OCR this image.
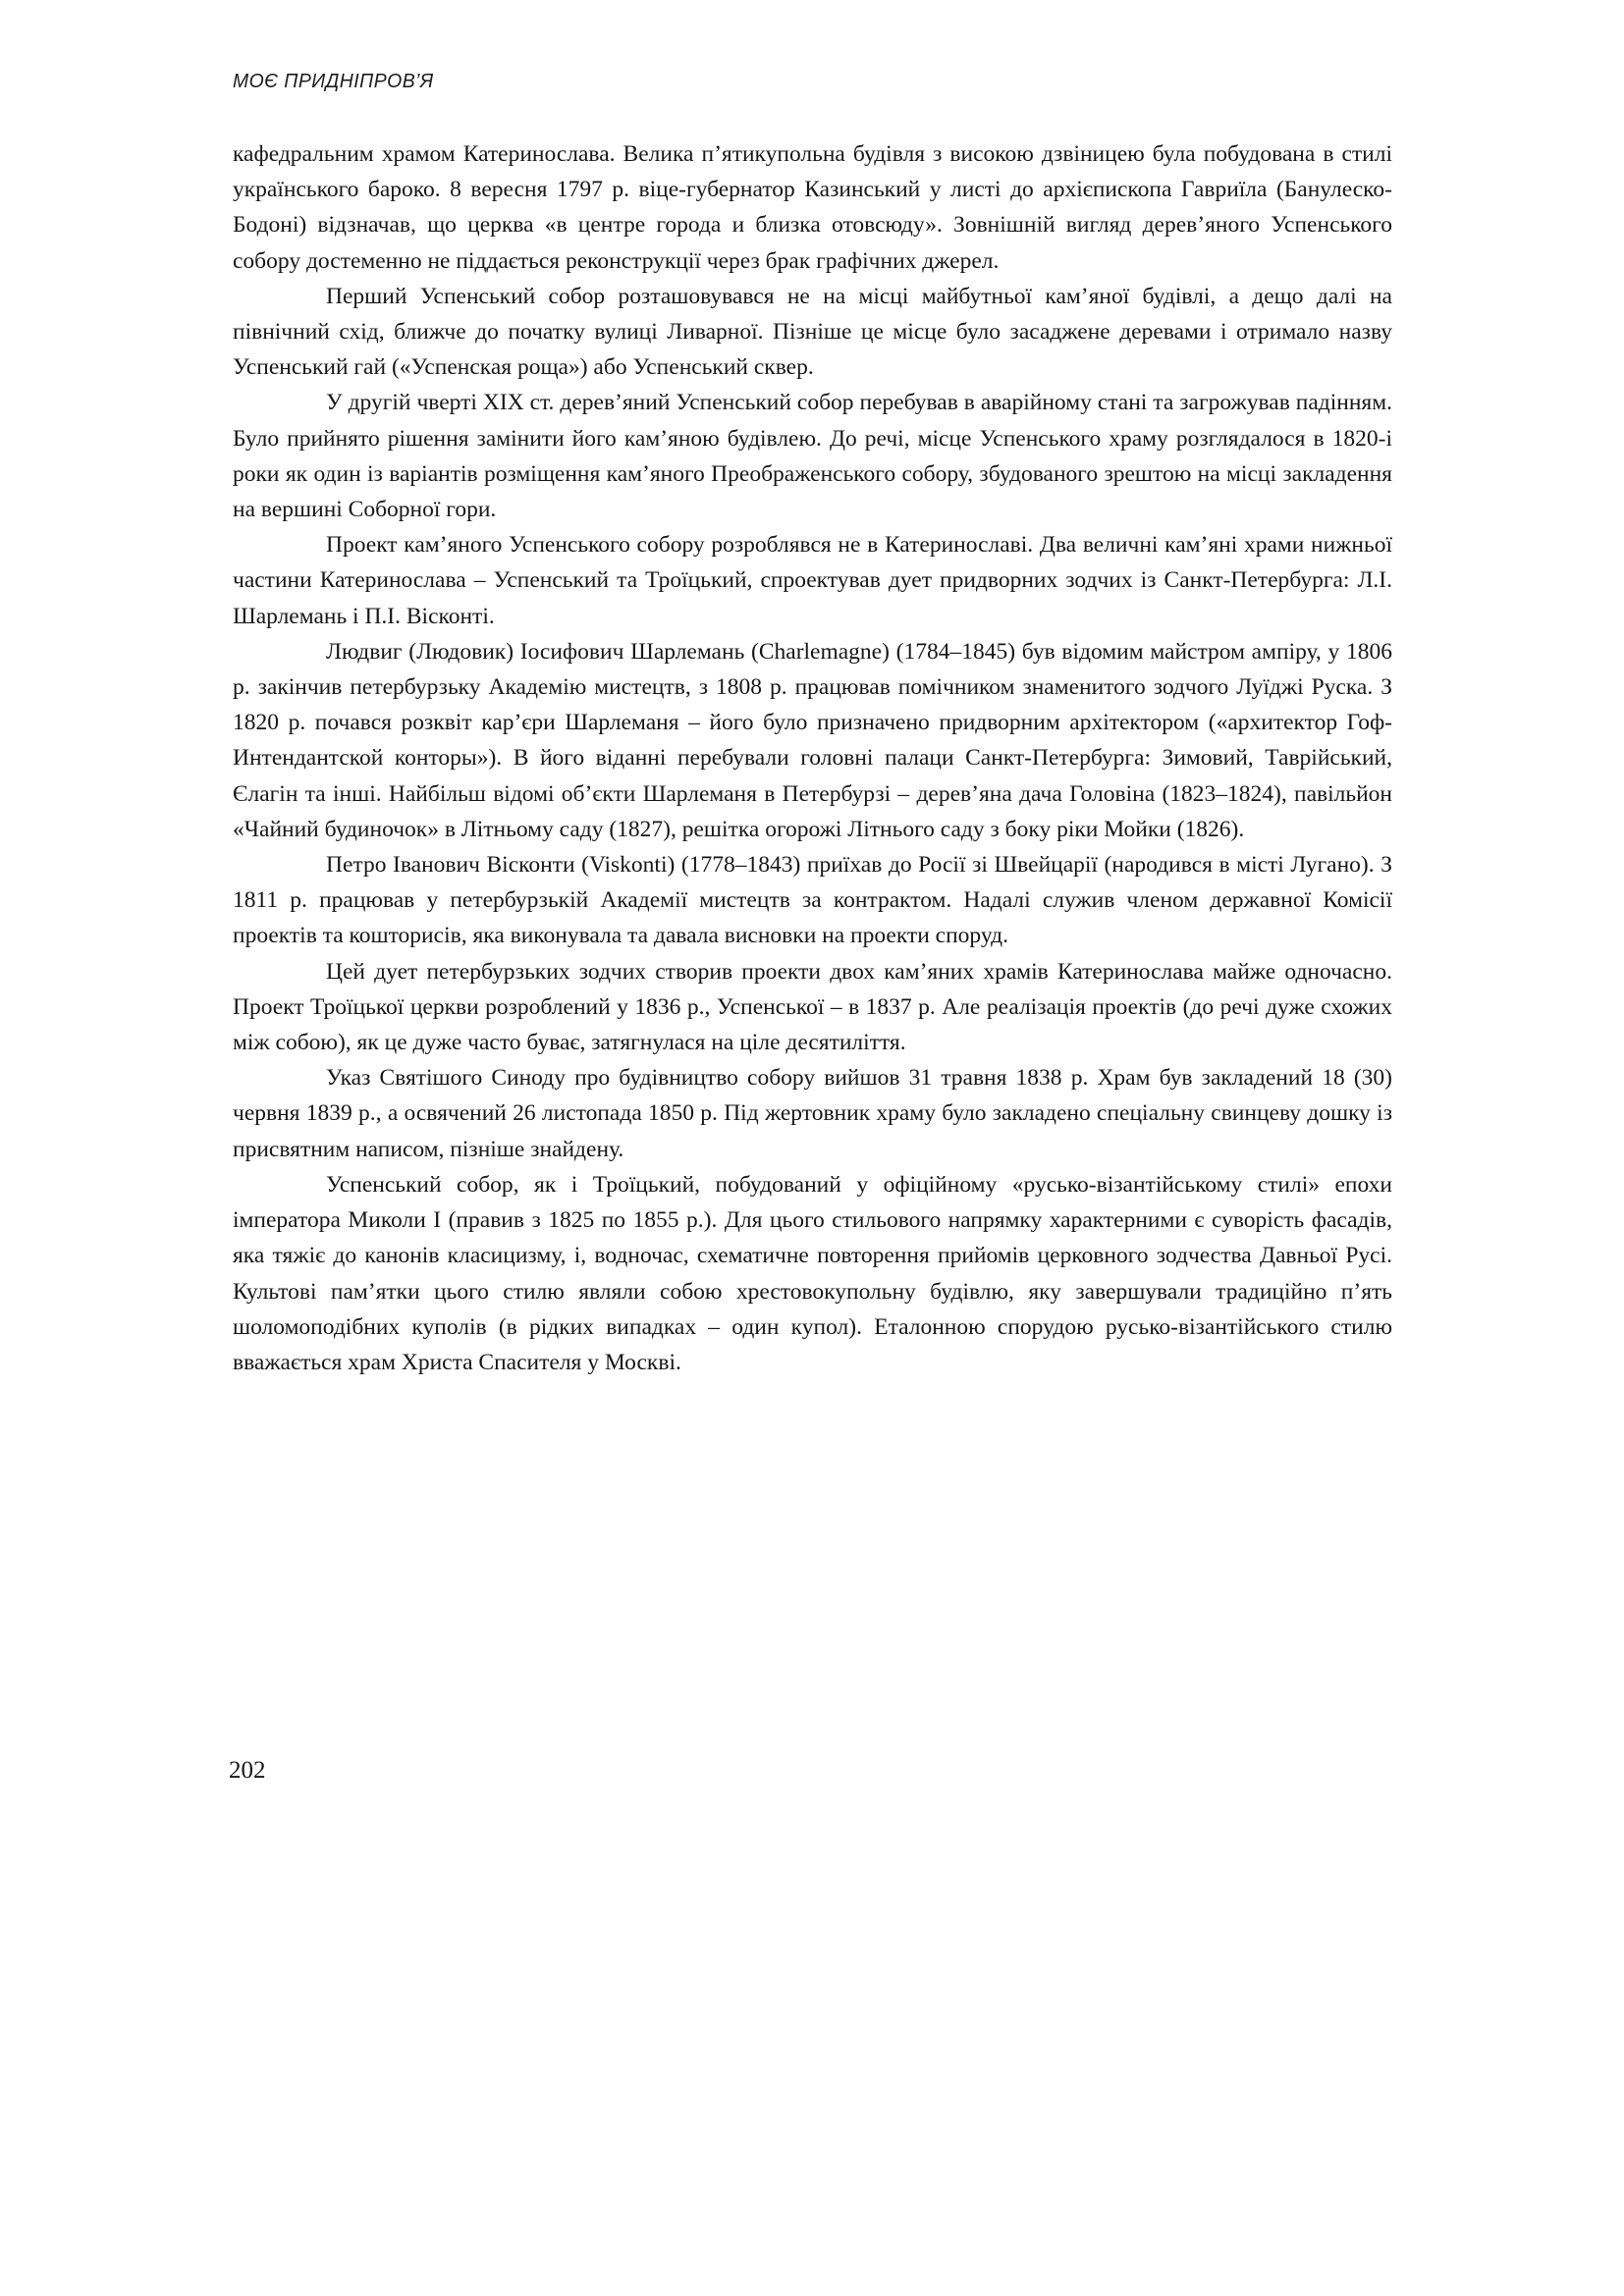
МОЄ ПРИДНІПРОВ’Я

кафедральним храмом Катеринослава. Велика п’ятикупольна будівля з високою дзвіницею була побудована в стилі українського бароко. 8 вересня 1797 р. віце-губернатор Казинський у листі до архієпископа Гавриїла (Банулеско-Бодоні) відзначав, що церква «в центре города и близка отовсюду». Зовнішній вигляд дерев’яного Успенського собору достеменно не піддається реконструкції через брак графічних джерел.

Перший Успенський собор розташовувався не на місці майбутньої кам’яної будівлі, а дещо далі на північний схід, ближче до початку вулиці Ливарної. Пізніше це місце було засаджене деревами і отримало назву Успенський гай («Успенская роща») або Успенський сквер.

У другій чверті XIX ст. дерев’яний Успенський собор перебував в аварійному стані та загрожував падінням. Було прийнято рішення замінити його кам’яною будівлею. До речі, місце Успенського храму розглядалося в 1820-і роки як один із варіантів розміщення кам’яного Преображенського собору, збудованого зрештою на місці закладення на вершині Соборної гори.

Проект кам’яного Успенського собору розроблявся не в Катеринославі. Два величні кам’яні храми нижньої частини Катеринослава – Успенський та Троїцький, спроектував дует придворних зодчих із Санкт-Петербурга: Л.І. Шарлемань і П.І. Вісконті.

Людвиг (Людовик) Іосифович Шарлемань (Charlemagne) (1784–1845) був відомим майстром ампіру, у 1806 р. закінчив петербурзьку Академію мистецтв, з 1808 р. працював помічником знаменитого зодчого Луїджі Руска. З 1820 р. почався розквіт кар’єри Шарлеманя – його було призначено придворним архітектором («архитектор Гоф-Интендантской конторы»). В його віданні перебували головні палаци Санкт-Петербурга: Зимовий, Таврійський, Єлагін та інші. Найбільш відомі об’єкти Шарлеманя в Петербурзі – дерев’яна дача Головіна (1823–1824), павільйон «Чайний будиночок» в Літньому саду (1827), решітка огорожі Літнього саду з боку ріки Мойки (1826).

Петро Іванович Вісконти (Viskonti) (1778–1843) приїхав до Росії зі Швейцарії (народився в місті Лугано). З 1811 р. працював у петербурзькій Академії мистецтв за контрактом. Надалі служив членом державної Комісії проектів та кошторисів, яка виконувала та давала висновки на проекти споруд.

Цей дует петербурзьких зодчих створив проекти двох кам’яних храмів Катеринослава майже одночасно. Проект Троїцької церкви розроблений у 1836 р., Успенської – в 1837 р. Але реалізація проектів (до речі дуже схожих між собою), як це дуже часто буває, затягнулася на ціле десятиліття.

Указ Святішого Синоду про будівництво собору вийшов 31 травня 1838 р. Храм був закладений 18 (30) червня 1839 р., а освячений 26 листопада 1850 р. Під жертовник храму було закладено спеціальну свинцеву дошку із присвятним написом, пізніше знайдену.

Успенський собор, як і Троїцький, побудований у офіційному «русько-візантійському стилі» епохи імператора Миколи I (правив з 1825 по 1855 р.). Для цього стильового напрямку характерними є суворість фасадів, яка тяжіє до канонів класицизму, і, водночас, схематичне повторення прийомів церковного зодчества Давньої Русі. Культові пам’ятки цього стилю являли собою хрестовокупольну будівлю, яку завершували традиційно п’ять шоломоподібних куполів (в рідких випадках – один купол). Еталонною спорудою русько-візантійського стилю вважається храм Христа Спасителя у Москві.

202
